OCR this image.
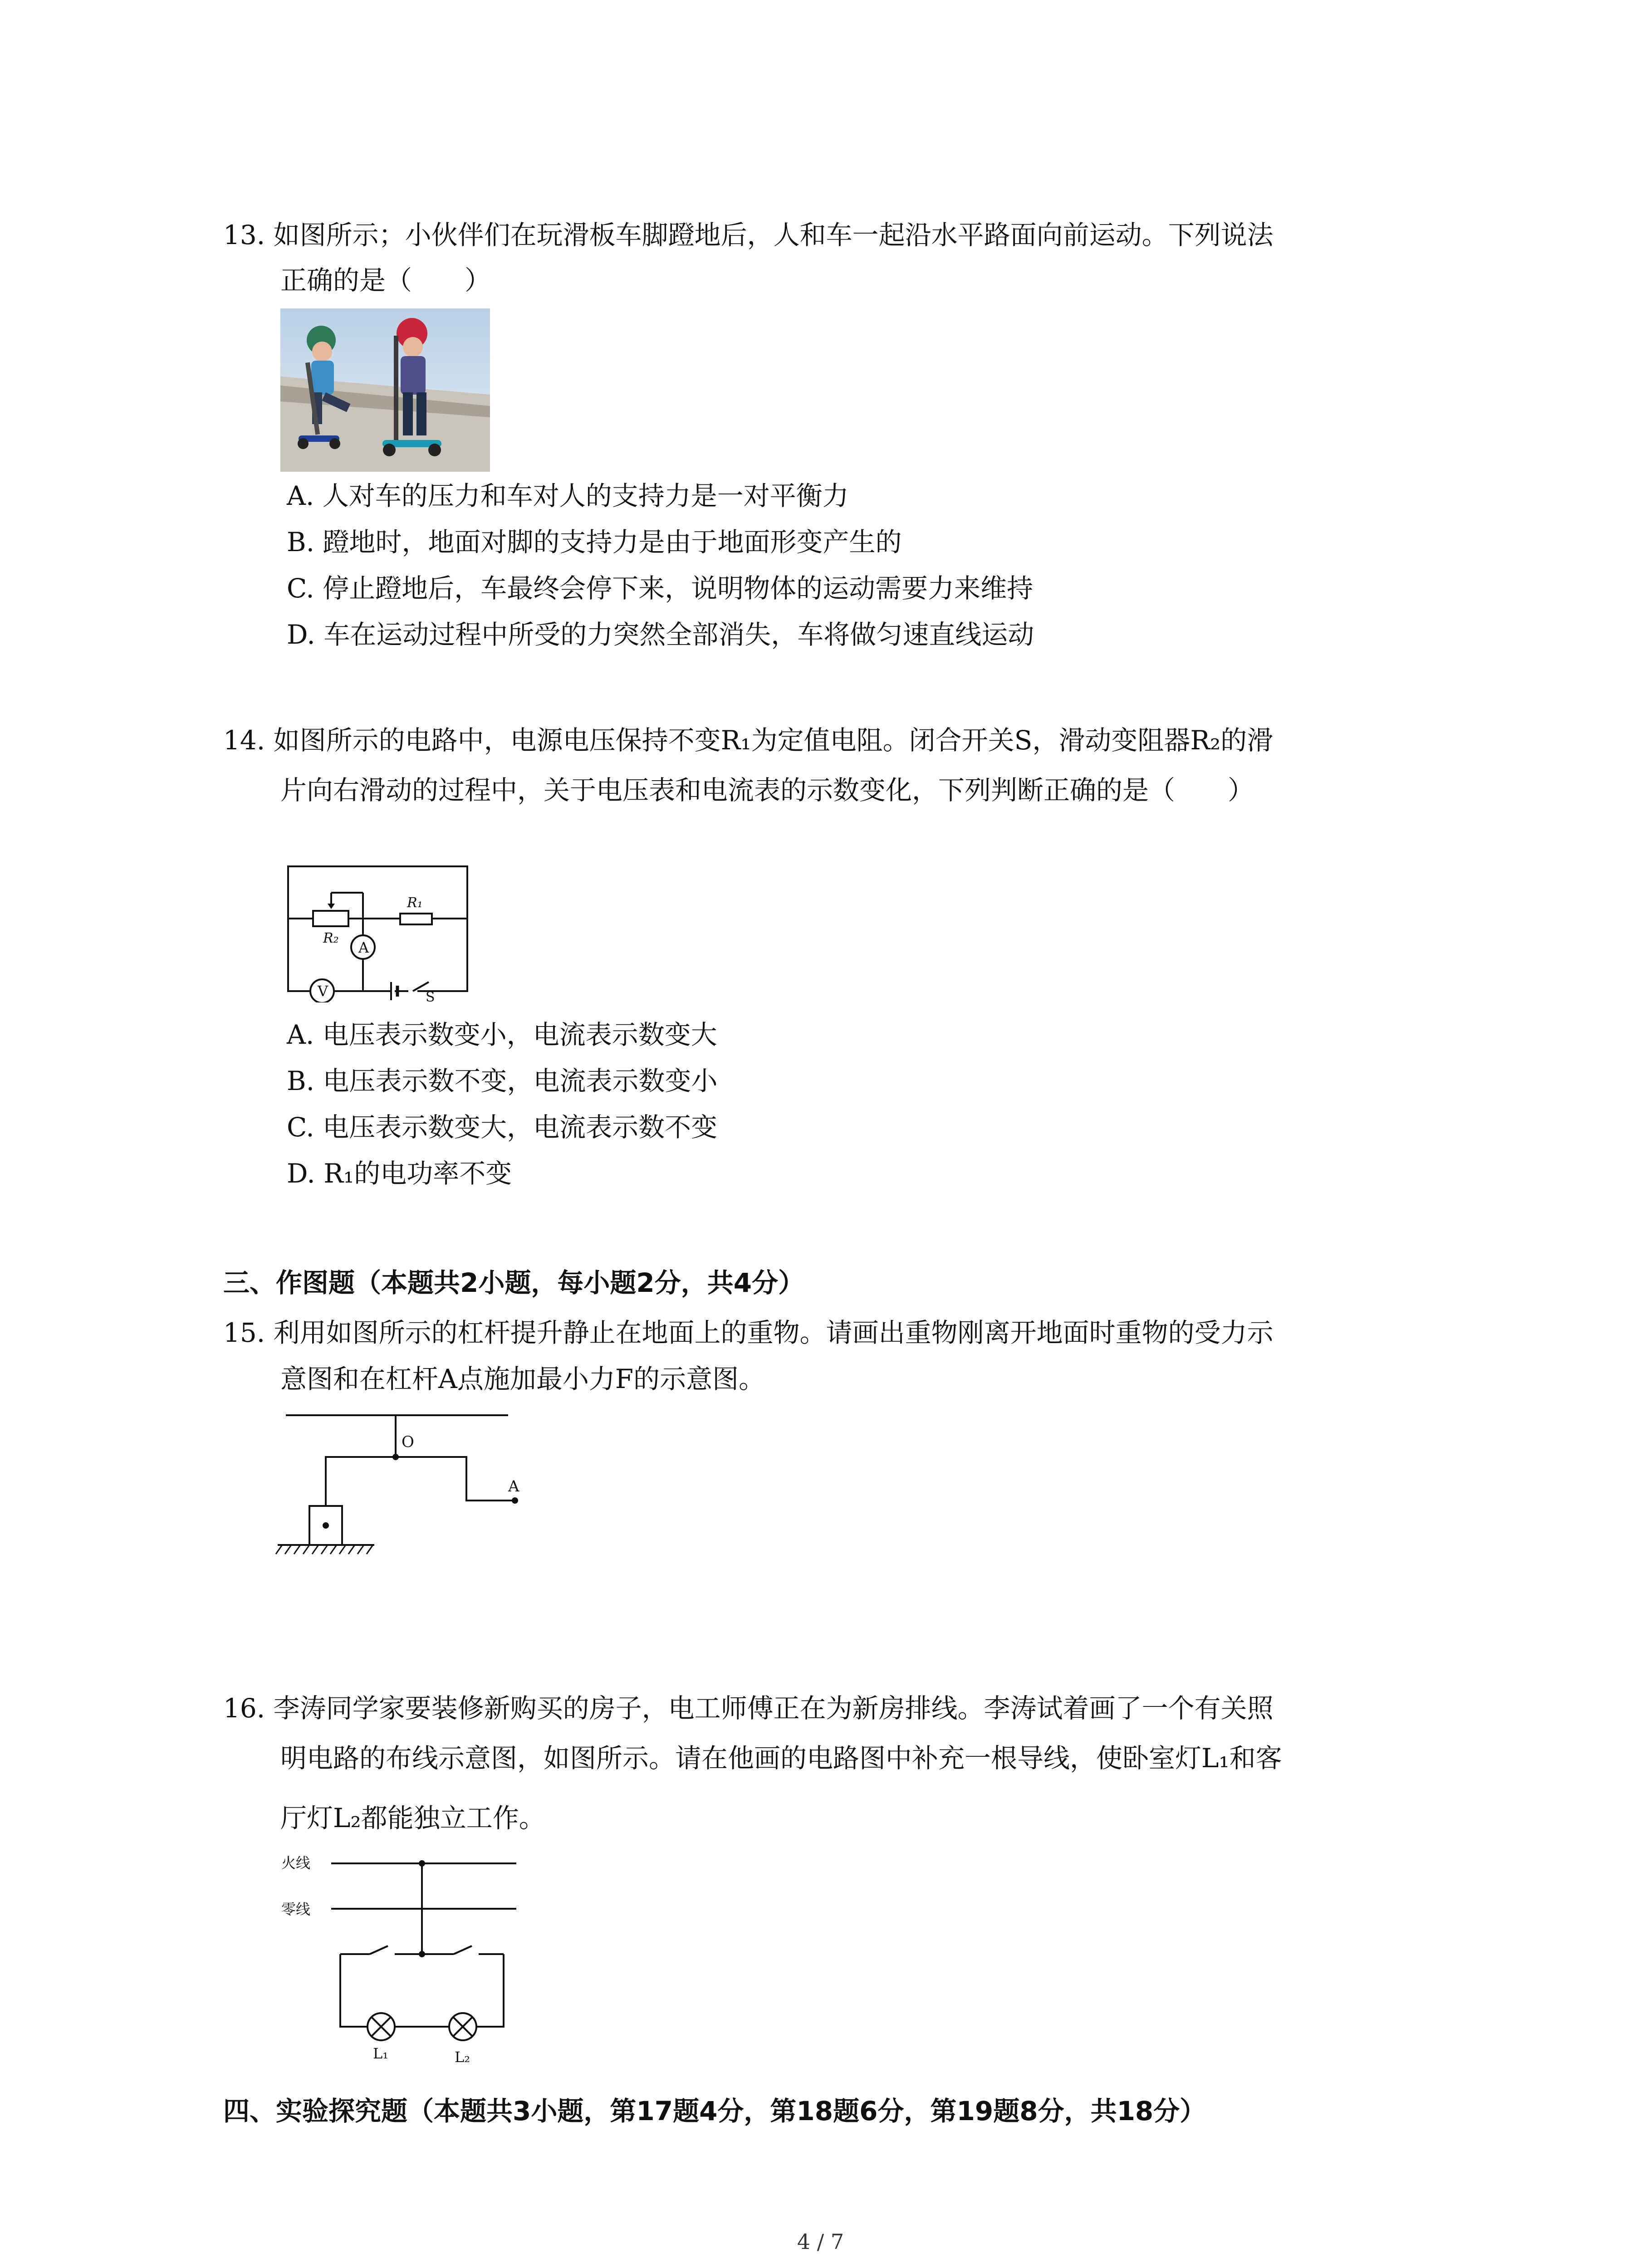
13. 如图所示；小伙伴们在玩滑板车脚蹬地后，人和车一起沿水平路面向前运动。下列说法
正确的是（　　）
A. 人对车的压力和车对人的支持力是一对平衡力
B. 蹬地时，地面对脚的支持力是由于地面形变产生的
C. 停止蹬地后，车最终会停下来，说明物体的运动需要力来维持
D. 车在运动过程中所受的力突然全部消失，车将做匀速直线运动
14. 如图所示的电路中，电源电压保持不变R₁为定值电阻。闭合开关S，滑动变阻器R₂的滑
片向右滑动的过程中，关于电压表和电流表的示数变化，下列判断正确的是（　　）
A
V
R₁
R₂
S
A. 电压表示数变小，电流表示数变大
B. 电压表示数不变，电流表示数变小
C. 电压表示数变大，电流表示数不变
D. R₁的电功率不变
三、作图题（本题共2小题，每小题2分，共4分）
15. 利用如图所示的杠杆提升静止在地面上的重物。请画出重物刚离开地面时重物的受力示
意图和在杠杆A点施加最小力F的示意图。
O
A
16. 李涛同学家要装修新购买的房子，电工师傅正在为新房排线。李涛试着画了一个有关照
明电路的布线示意图，如图所示。请在他画的电路图中补充一根导线，使卧室灯L₁和客
厅灯L₂都能独立工作。
火线
零线
L₁	L₂
四、实验探究题（本题共3小题，第17题4分，第18题6分，第19题8分，共18分）
4 / 7
